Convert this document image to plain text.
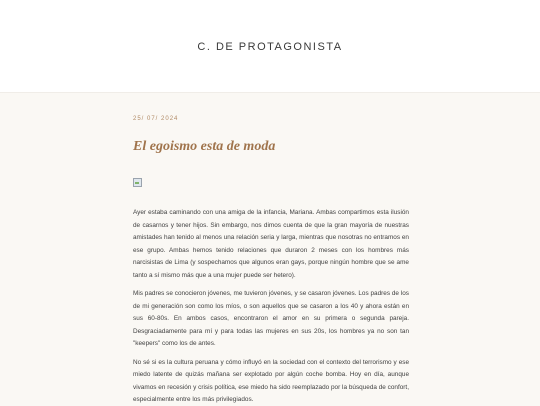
C. DE PROTAGONISTA

25/ 07/ 2024

El egoismo esta de moda

Ayer estaba caminando con una amiga de la infancia, Mariana. Ambas compartimos esta ilusión de casarnos y tener hijos. Sin embargo, nos dimos cuenta de que la gran mayoría de nuestras amistades han tenido al menos una relación seria y larga, mientras que nosotras no entramos en ese grupo. Ambas hemos tenido relaciones que duraron 2 meses con los hombres más narcisistas de Lima (y sospechamos que algunos eran gays, porque ningún hombre que se ame tanto a sí mismo más que a una mujer puede ser hetero).

Mis padres se conocieron jóvenes, me tuvieron jóvenes, y se casaron jóvenes. Los padres de los de mi generación son como los míos, o son aquellos que se casaron a los 40 y ahora están en sus 60-80s. En ambos casos, encontraron el amor en su primera o segunda pareja. Desgraciadamente para mí y para todas las mujeres en sus 20s, los hombres ya no son tan "keepers" como los de antes.

No sé si es la cultura peruana y cómo influyó en la sociedad con el contexto del terrorismo y ese miedo latente de quizás mañana ser explotado por algún coche bomba. Hoy en día, aunque vivamos en recesión y crisis política, ese miedo ha sido reemplazado por la búsqueda de confort, especialmente entre los más privilegiados.
